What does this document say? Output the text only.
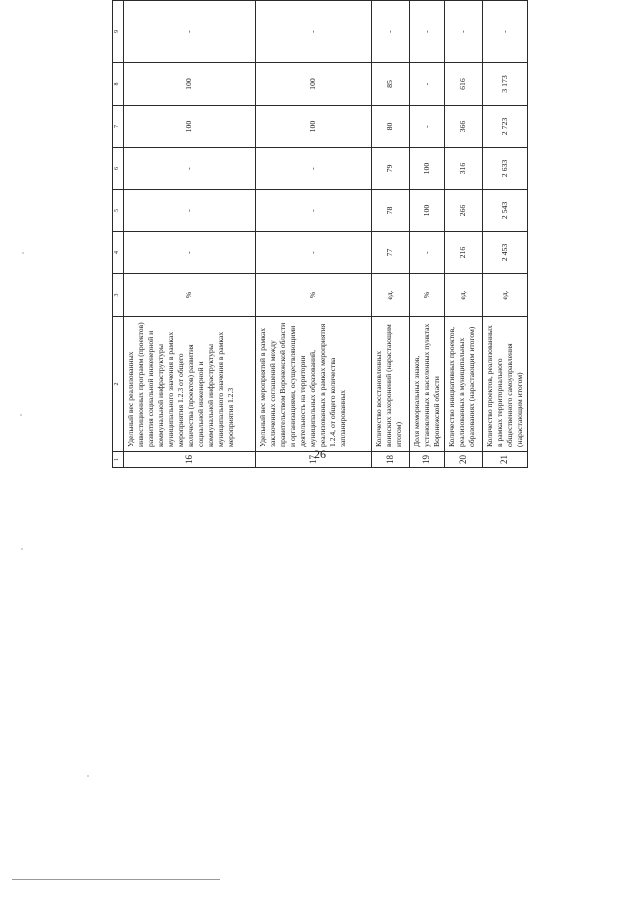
26
1	2	3	4	5	6	7	8	9				
16	Удельный вес реализованных инвестиционных программ (проектов) развития социальной инженерной и коммунальной инфраструктуры муниципального значения в рамках мероприятия 1.2.3 от общего количества (проектов) развития социальной инженерной и коммунальной инфраструктуры муниципального значения в рамках мероприятия 1.2.3	%	-	-	-	100	100	-				
17	Удельный вес мероприятий в рамках заключенных соглашений между правительством Воронежской области и организациями, осуществляющими деятельность на территории муниципальных образований, реализованных в рамках мероприятия 1.2.4, от общего количества запланированных	%	-	-	-	100	100	-				
18	Количество восстановленных воинских захоронений (нарастающим итогом)	ед.	77	78	79	80	85	-				
19	Доля мемориальных знаков, установленных в населенных пунктах Воронежской области	%	-	100	100	-	-	-				
20	Количество инициативных проектов, реализованных в муниципальных образованиях (нарастающим итогом)	ед.	216	266	316	366	616	-				
21	Количество проектов, реализованных в рамках территориального общественного самоуправления (нарастающим итогом)	ед.	2 453	2 543	2 633	2 723	3 173	-				
